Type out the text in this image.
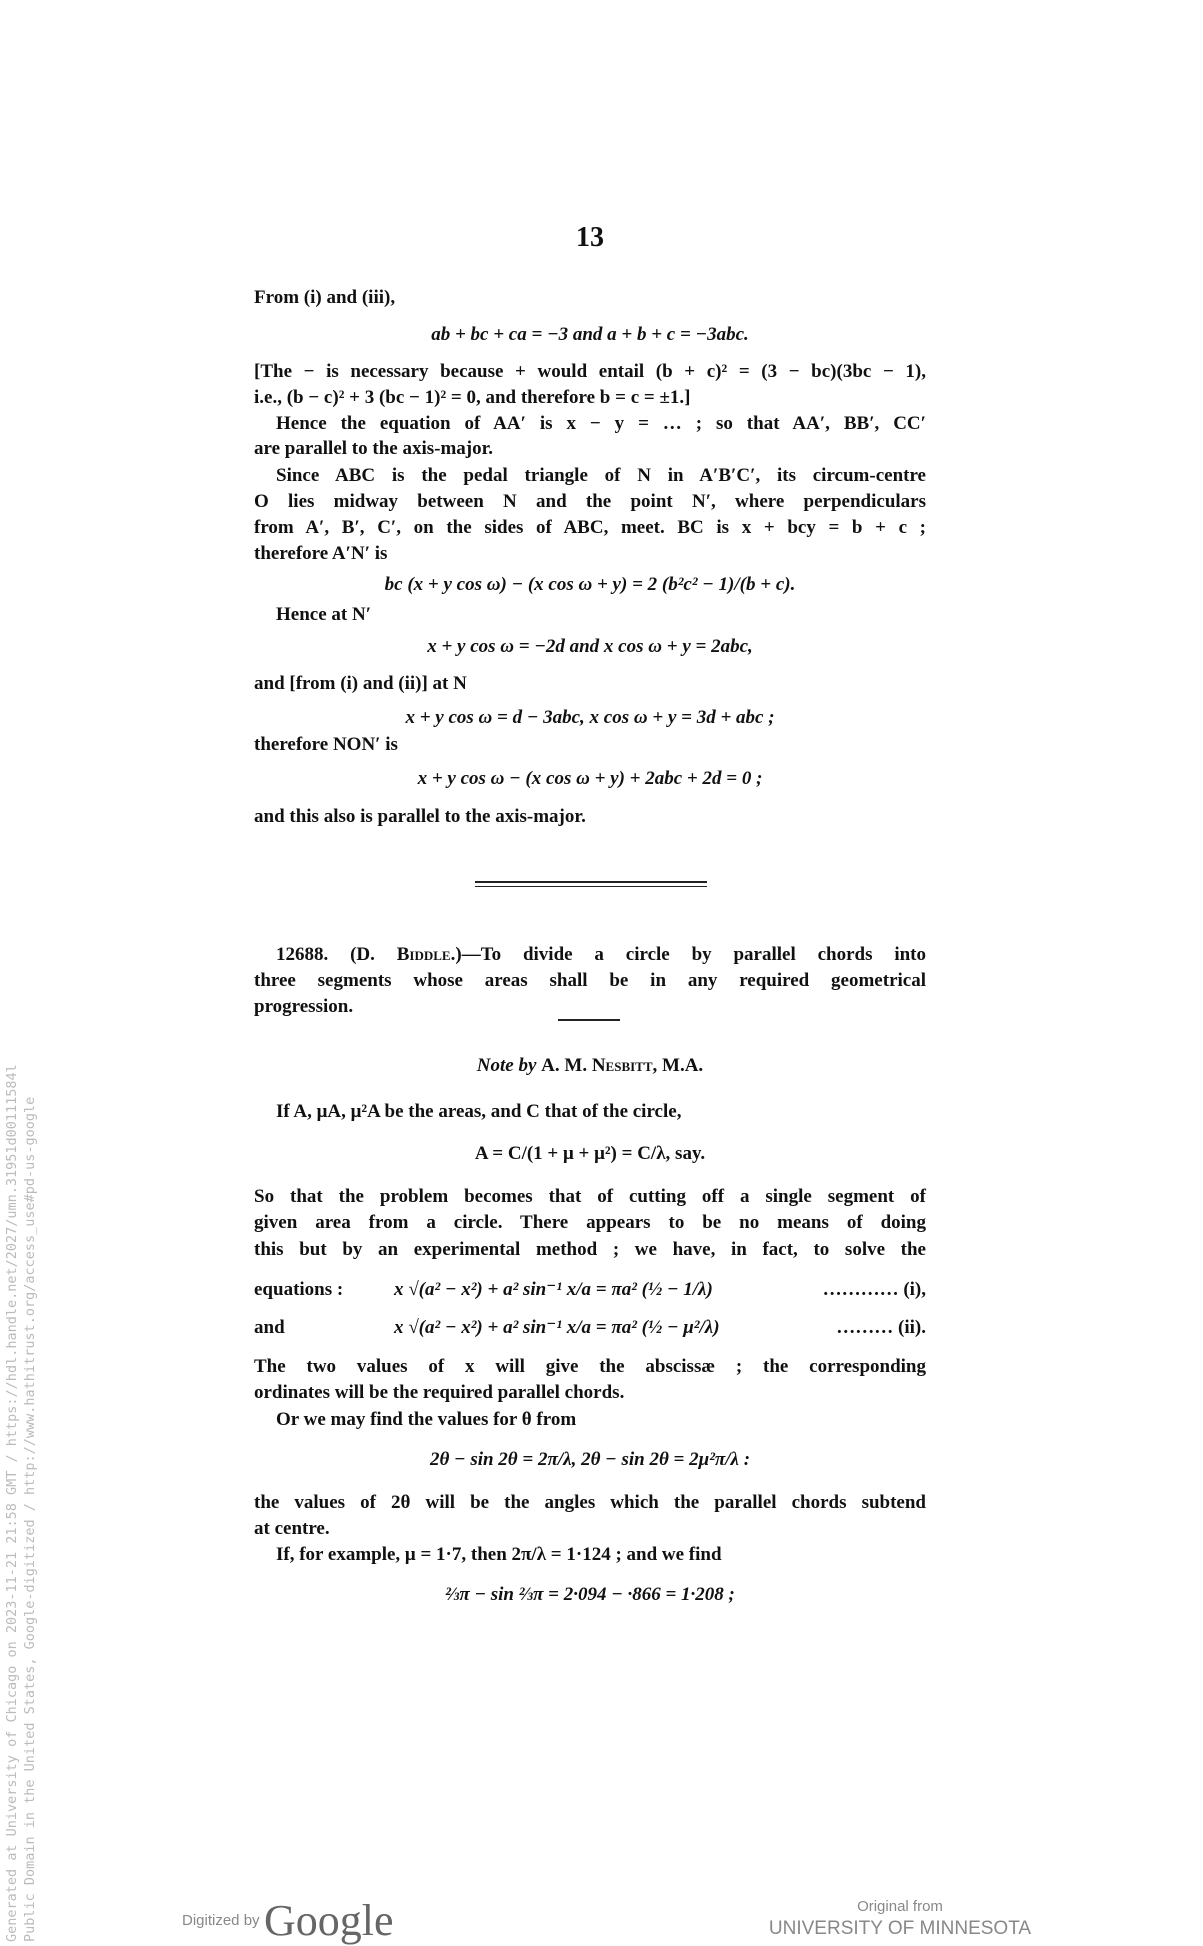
13
From (i) and (iii),
ab + bc + ca = −3 and a + b + c = −3abc.
[The − is necessary because + would entail (b + c)² = (3 − bc)(3bc − 1),
i.e., (b − c)² + 3 (bc − 1)² = 0, and therefore b = c = ±1.]
Hence the equation of AA′ is x − y = … ; so that AA′, BB′, CC′
are parallel to the axis-major.
Since ABC is the pedal triangle of N in A′B′C′, its circum-centre
O lies midway between N and the point N′, where perpendiculars
from A′, B′, C′, on the sides of ABC, meet. BC is x + bcy = b + c ;
therefore A′N′ is
bc (x + y cos ω) − (x cos ω + y) = 2 (b²c² − 1)/(b + c).
Hence at N′
x + y cos ω = −2d and x cos ω + y = 2abc,
and [from (i) and (ii)] at N
x + y cos ω = d − 3abc, x cos ω + y = 3d + abc ;
therefore NON′ is
x + y cos ω − (x cos ω + y) + 2abc + 2d = 0 ;
and this also is parallel to the axis-major.
12688. (D. Biddle.)—To divide a circle by parallel chords into
three segments whose areas shall be in any required geometrical
progression.
Note by A. M. Nesbitt, M.A.
If A, μA, μ²A be the areas, and C that of the circle,
A = C/(1 + μ + μ²) = C/λ, say.
So that the problem becomes that of cutting off a single segment of
given area from a circle. There appears to be no means of doing
this but by an experimental method ; we have, in fact, to solve the
equations :	x √(a² − x²) + a² sin⁻¹ x/a = πa² (½ − 1/λ)	………… (i),
and	x √(a² − x²) + a² sin⁻¹ x/a = πa² (½ − μ²/λ)	……… (ii).
The two values of x will give the abscissæ ; the corresponding
ordinates will be the required parallel chords.
Or we may find the values for θ from
2θ − sin 2θ = 2π/λ, 2θ − sin 2θ = 2μ²π/λ :
the values of 2θ will be the angles which the parallel chords subtend
at centre.
If, for example, μ = 1·7, then 2π/λ = 1·124 ; and we find
⅔π − sin ⅔π = 2·094 − ·866 = 1·208 ;
Generated at University of Chicago on 2023-11-21 21:58 GMT / https://hdl.handle.net/2027/umn.31951d00111584l Public Domain in the United States, Google-digitized / http://www.hathitrust.org/access_use#pd-us-google	Digitized by Google	Original from
UNIVERSITY OF MINNESOTA
